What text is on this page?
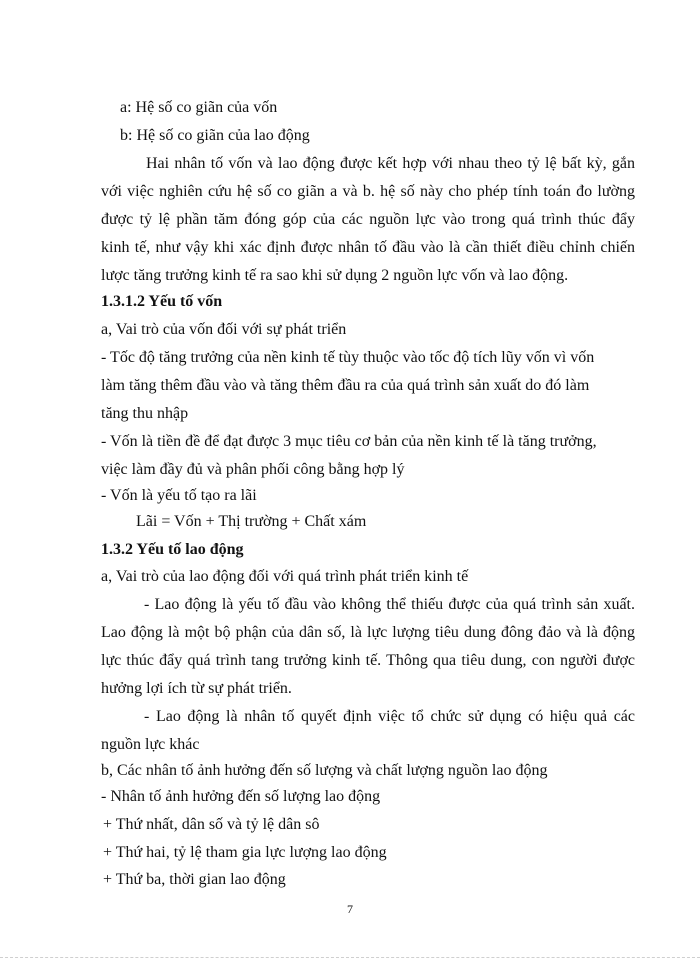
a: Hệ số co giãn của vốn
b: Hệ số co giãn của lao động
Hai nhân tố vốn và lao động được kết hợp với nhau theo tỷ lệ bất kỳ, gắn
với việc nghiên cứu hệ số co giãn a và b. hệ số này cho phép tính toán đo lường
được tỷ lệ phần tăm đóng góp của các nguồn lực vào trong quá trình thúc đẩy
kinh tế, như vậy khi xác định được nhân tố đầu vào là cần thiết điều chỉnh chiến
lược tăng trưởng kinh tế ra sao khi sử dụng 2 nguồn lực vốn và lao động.
1.3.1.2 Yếu tố vốn
a, Vai trò của vốn đối với sự phát triển
- Tốc độ tăng trưởng của nền kinh tế tùy thuộc vào tốc độ tích lũy vốn vì vốn
làm tăng thêm đầu vào và tăng thêm đầu ra của quá trình sản xuất do đó làm
tăng thu nhập
- Vốn là tiền đề để đạt được 3 mục tiêu cơ bản của nền kinh tế là tăng trưởng,
việc làm đầy đủ và phân phối công bằng hợp lý
- Vốn là yếu tố tạo ra lãi
Lãi = Vốn + Thị trường + Chất xám
1.3.2 Yếu tố lao động
a, Vai trò của lao động đối với quá trình phát triển kinh tế
- Lao động là yếu tố đầu vào không thể thiếu được của quá trình sản xuất.
Lao động là một bộ phận của dân số, là lực lượng tiêu dung đông đảo và là động
lực thúc đẩy quá trình tang trưởng kinh tế. Thông qua tiêu dung, con người được
hưởng lợi ích từ sự phát triển.
- Lao động là nhân tố quyết định việc tổ chức sử dụng có hiệu quả các
nguồn lực khác
b, Các nhân tố ảnh hưởng đến số lượng và chất lượng nguồn lao động
- Nhân tố ảnh hưởng đến số lượng lao động
+ Thứ nhất, dân số và tỷ lệ dân sô
+ Thứ hai, tỷ lệ tham gia lực lượng lao động
+ Thứ ba, thời gian lao động
7
